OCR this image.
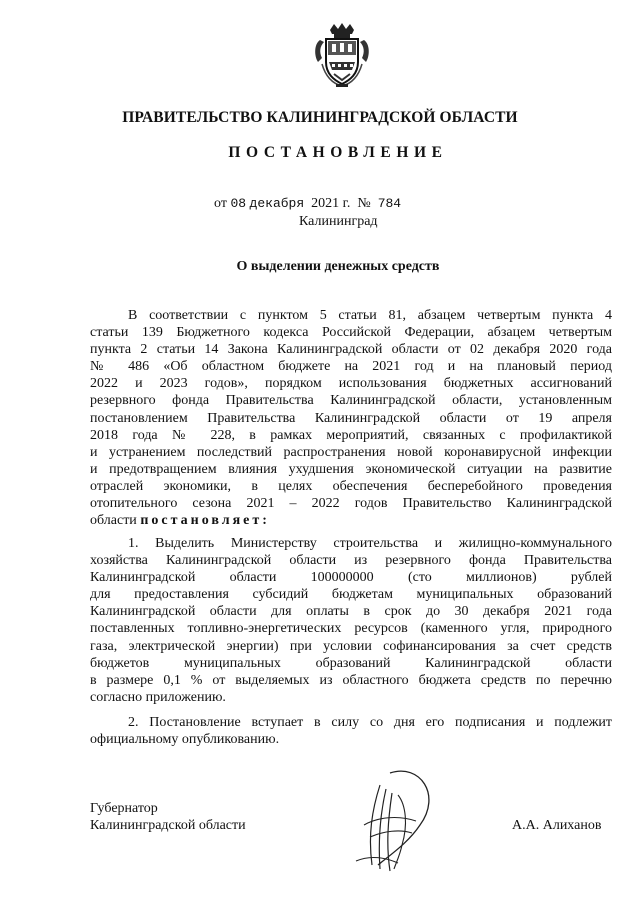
ПРАВИТЕЛЬСТВО КАЛИНИНГРАДСКОЙ ОБЛАСТИ
ПОСТАНОВЛЕНИЕ
от 08 декабря 2021 г. № 784
Калининград
О выделении денежных средств
В соответствии с пунктом 5 статьи 81, абзацем четвертым пункта 4
статьи 139 Бюджетного кодекса Российской Федерации, абзацем четвертым
пункта 2 статьи 14 Закона Калининградской области от 02 декабря 2020 года
№ 486 «Об областном бюджете на 2021 год и на плановый период
2022 и 2023 годов», порядком использования бюджетных ассигнований
резервного фонда Правительства Калининградской области, установленным
постановлением Правительства Калининградской области от 19 апреля
2018 года № 228, в рамках мероприятий, связанных с профилактикой
и устранением последствий распространения новой коронавирусной инфекции
и предотвращением влияния ухудшения экономической ситуации на развитие
отраслей экономики, в целях обеспечения бесперебойного проведения
отопительного сезона 2021 – 2022 годов Правительство Калининградской
области постановляет:
1. Выделить Министерству строительства и жилищно-коммунального
хозяйства Калининградской области из резервного фонда Правительства
Калининградской области 100000000 (сто миллионов) рублей
для предоставления субсидий бюджетам муниципальных образований
Калининградской области для оплаты в срок до 30 декабря 2021 года
поставленных топливно-энергетических ресурсов (каменного угля, природного
газа, электрической энергии) при условии софинансирования за счет средств
бюджетов муниципальных образований Калининградской области
в размере 0,1 % от выделяемых из областного бюджета средств по перечню
согласно приложению.
2. Постановление вступает в силу со дня его подписания и подлежит
официальному опубликованию.
Губернатор
Калининградской области	А.А. Алиханов
